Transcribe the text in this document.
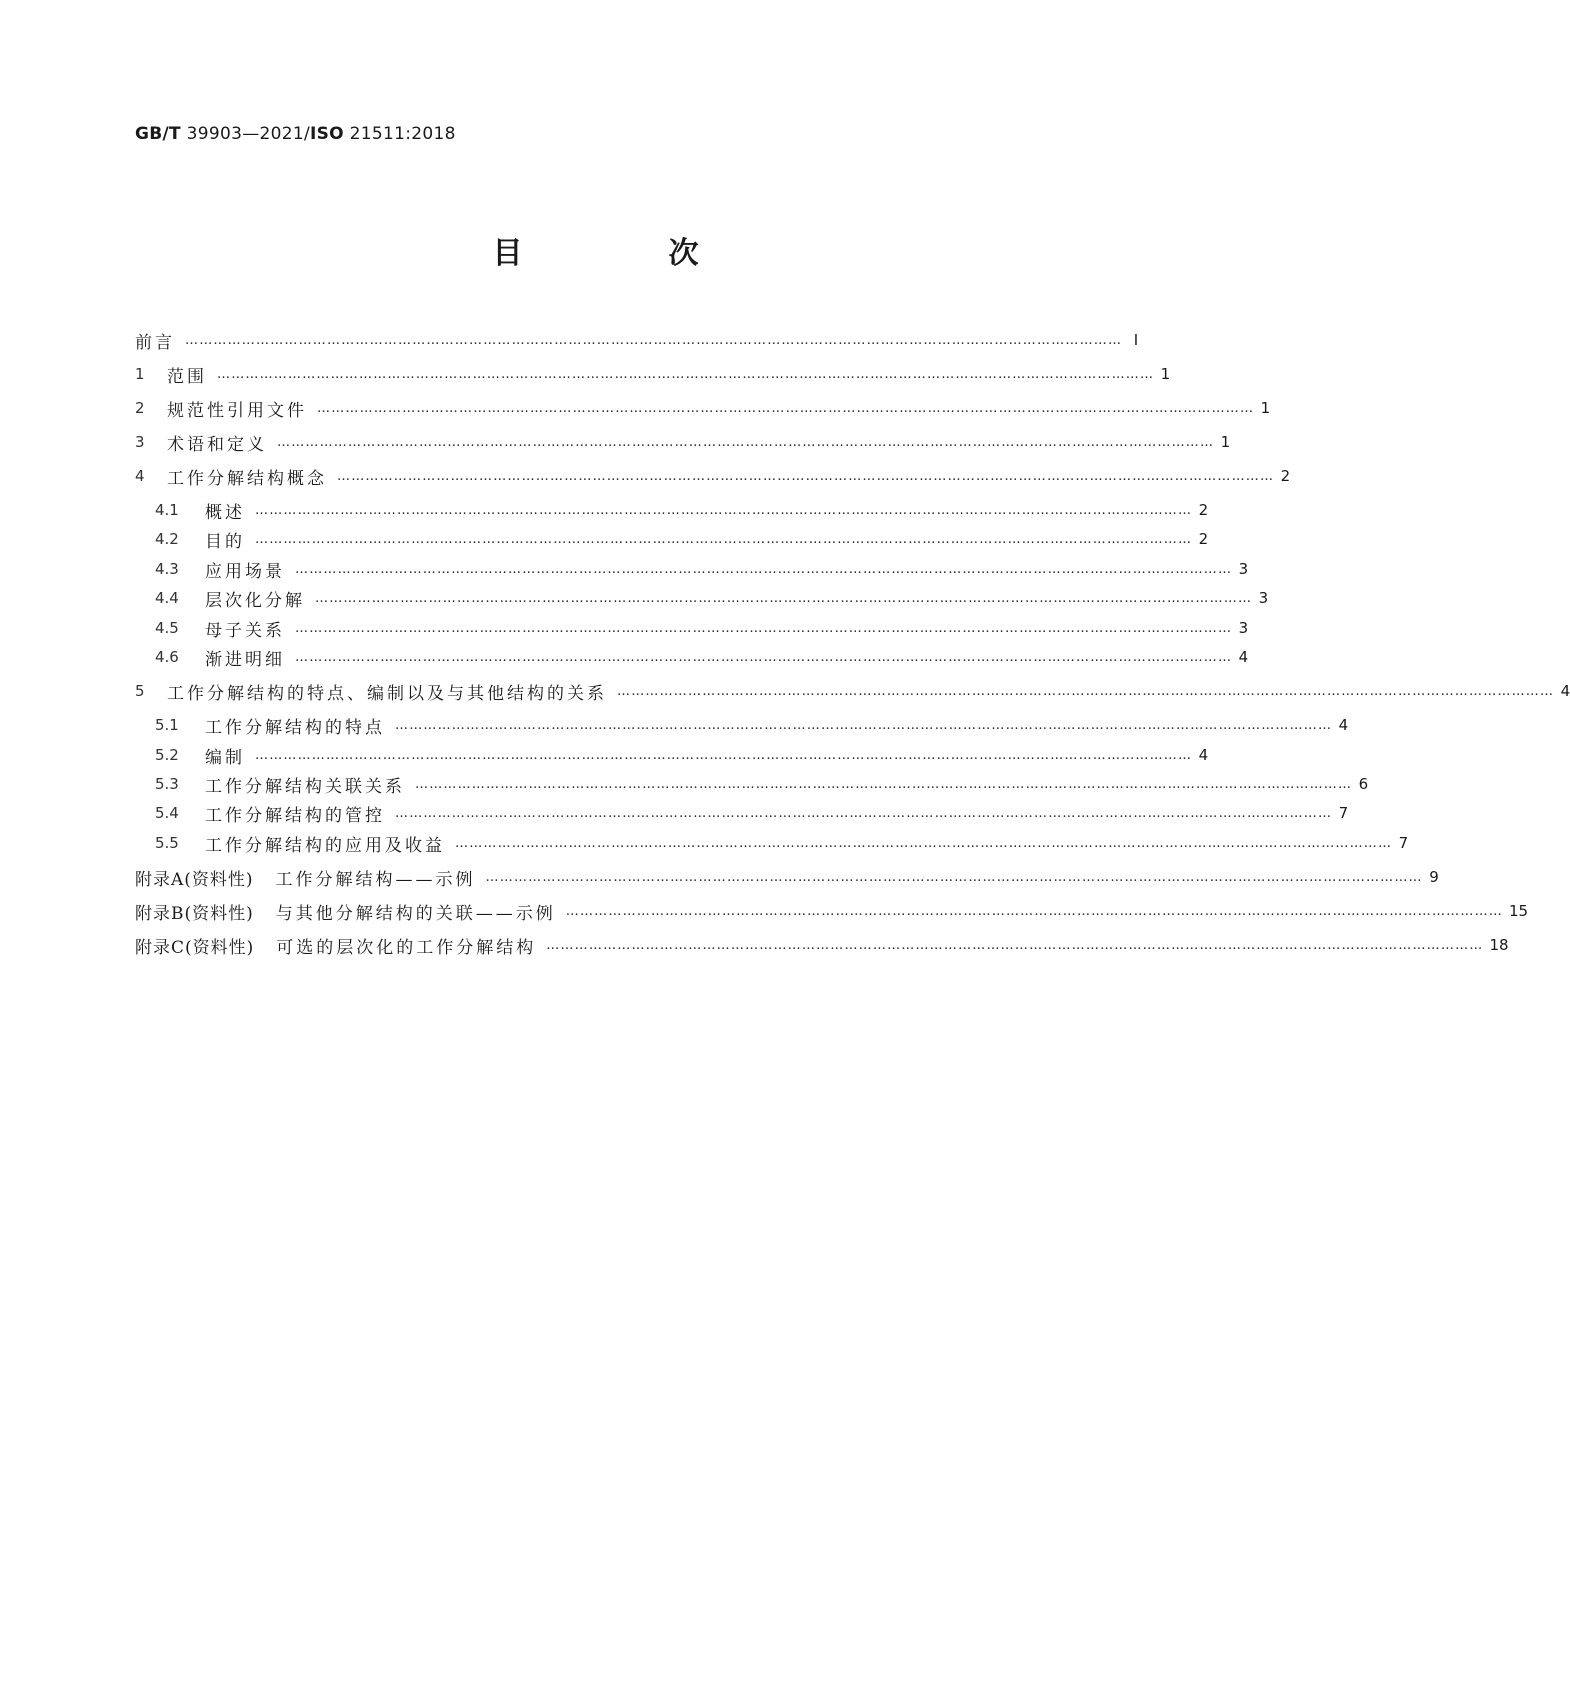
GB/T 39903—2021/ISO 21511:2018
目　次
前言 ……………………………………………………………………………………………………………………………………………………………………………… Ⅰ
1	范围 ……………………………………………………………………………………………………………………………………………………………………………… 1
2	规范性引用文件 ……………………………………………………………………………………………………………………………………………………………………………… 1
3	术语和定义 ……………………………………………………………………………………………………………………………………………………………………………… 1
4	工作分解结构概念 ……………………………………………………………………………………………………………………………………………………………………………… 2
4.1	概述 ……………………………………………………………………………………………………………………………………………………………………………… 2
4.2	目的 ……………………………………………………………………………………………………………………………………………………………………………… 2
4.3	应用场景 ……………………………………………………………………………………………………………………………………………………………………………… 3
4.4	层次化分解 ……………………………………………………………………………………………………………………………………………………………………………… 3
4.5	母子关系 ……………………………………………………………………………………………………………………………………………………………………………… 3
4.6	渐进明细 ……………………………………………………………………………………………………………………………………………………………………………… 4
5	工作分解结构的特点、编制以及与其他结构的关系 ……………………………………………………………………………………………………………………………………………………………………………… 4
5.1	工作分解结构的特点 ……………………………………………………………………………………………………………………………………………………………………………… 4
5.2	编制 ……………………………………………………………………………………………………………………………………………………………………………… 4
5.3	工作分解结构关联关系 ……………………………………………………………………………………………………………………………………………………………………………… 6
5.4	工作分解结构的管控 ……………………………………………………………………………………………………………………………………………………………………………… 7
5.5	工作分解结构的应用及收益 ……………………………………………………………………………………………………………………………………………………………………………… 7
附录A(资料性) 工作分解结构——示例 ……………………………………………………………………………………………………………………………………………………………………………… 9
附录B(资料性) 与其他分解结构的关联——示例 ……………………………………………………………………………………………………………………………………………………………………………… 15
附录C(资料性) 可选的层次化的工作分解结构 ……………………………………………………………………………………………………………………………………………………………………………… 18
